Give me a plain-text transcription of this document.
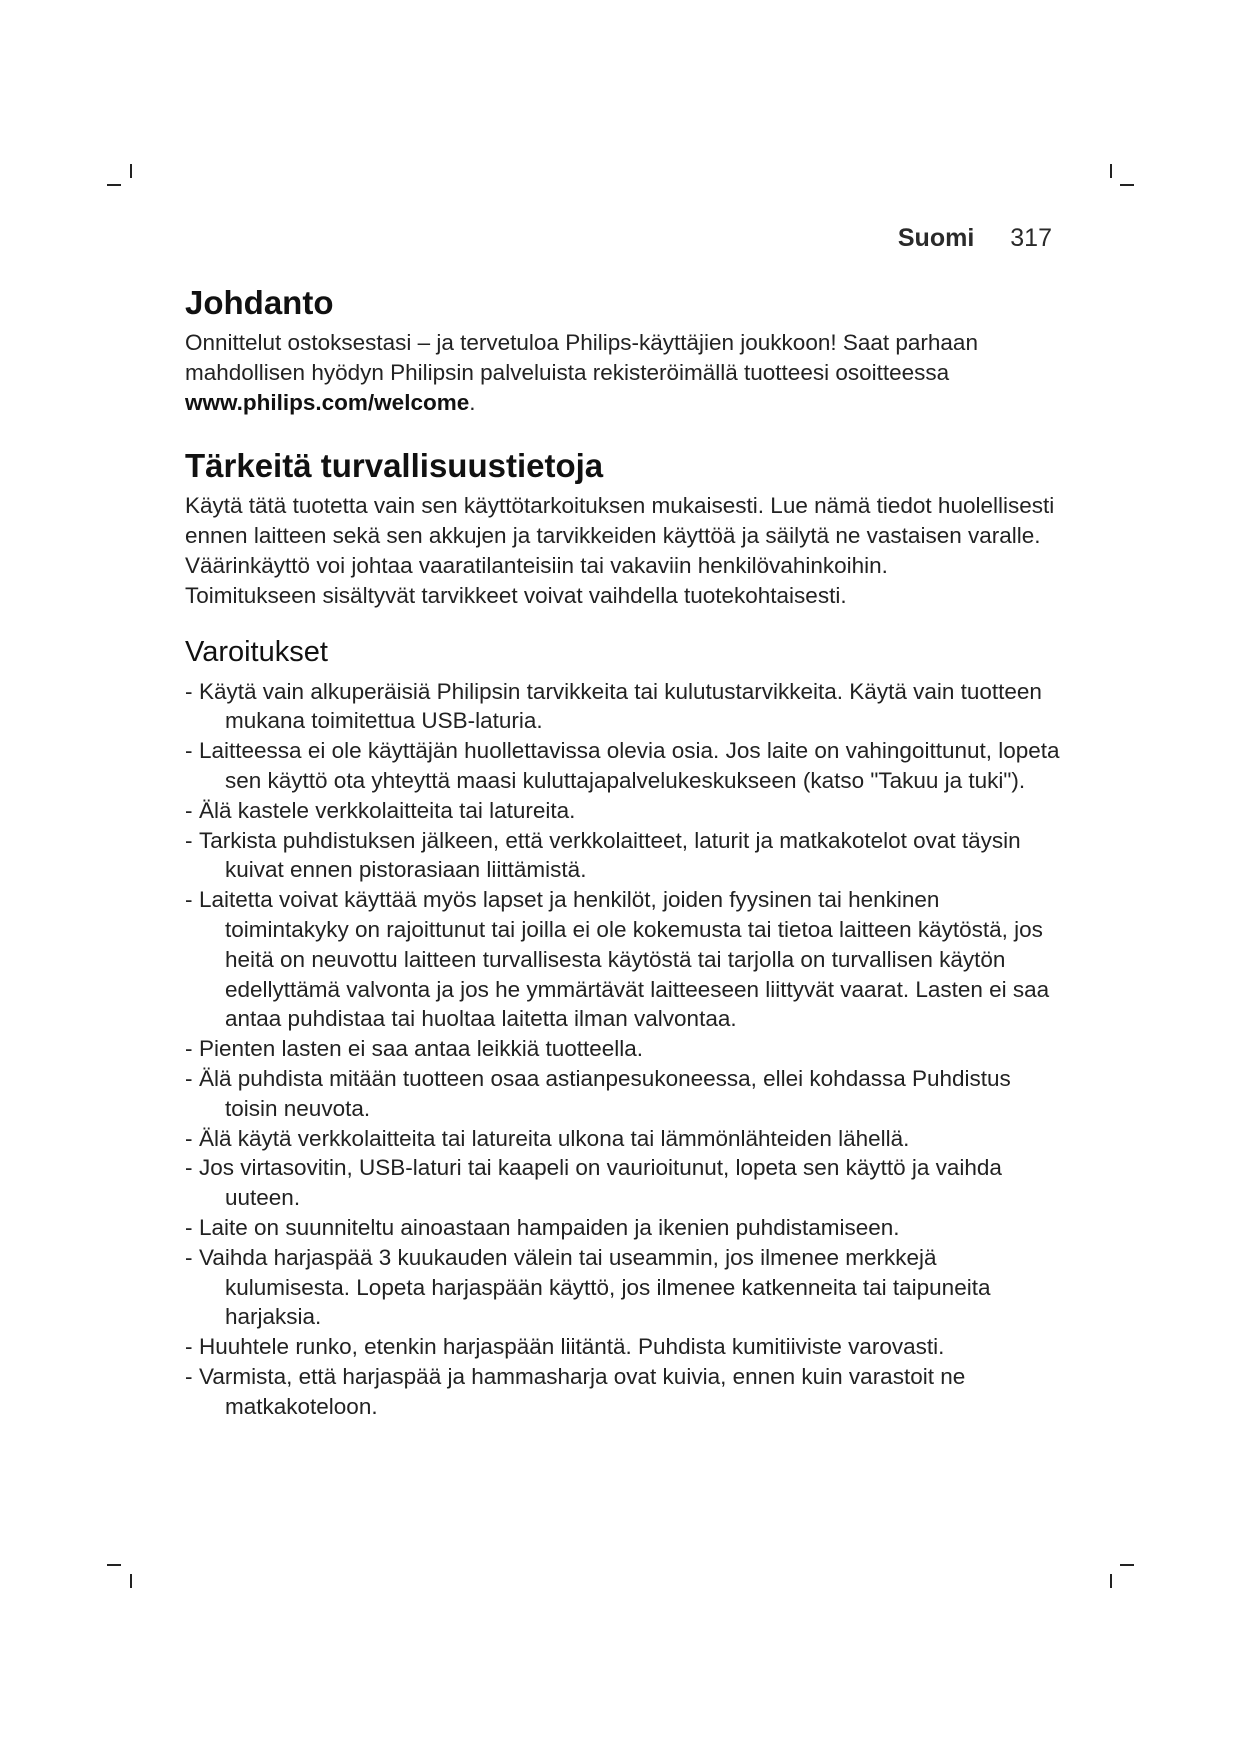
Suomi 317
Johdanto

Onnittelut ostoksestasi – ja tervetuloa Philips-käyttäjien joukkoon! Saat parhaan mahdollisen hyödyn Philipsin palveluista rekisteröimällä tuotteesi osoitteessa www.philips.com/welcome.

Tärkeitä turvallisuustietoja

Käytä tätä tuotetta vain sen käyttötarkoituksen mukaisesti. Lue nämä tiedot huolellisesti ennen laitteen sekä sen akkujen ja tarvikkeiden käyttöä ja säilytä ne vastaisen varalle. Väärinkäyttö voi johtaa vaaratilanteisiin tai vakaviin henkilövahinkoihin.

Toimitukseen sisältyvät tarvikkeet voivat vaihdella tuotekohtaisesti.

Varoitukset
- Käytä vain alkuperäisiä Philipsin tarvikkeita tai kulutustarvikkeita. Käytä vain tuotteen mukana toimitettua USB-laturia.
- Laitteessa ei ole käyttäjän huollettavissa olevia osia. Jos laite on vahingoittunut, lopeta sen käyttö ota yhteyttä maasi kuluttajapalvelukeskukseen (katso "Takuu ja tuki").
- Älä kastele verkkolaitteita tai latureita.
- Tarkista puhdistuksen jälkeen, että verkkolaitteet, laturit ja matkakotelot ovat täysin kuivat ennen pistorasiaan liittämistä.
- Laitetta voivat käyttää myös lapset ja henkilöt, joiden fyysinen tai henkinen toimintakyky on rajoittunut tai joilla ei ole kokemusta tai tietoa laitteen käytöstä, jos heitä on neuvottu laitteen turvallisesta käytöstä tai tarjolla on turvallisen käytön edellyttämä valvonta ja jos he ymmärtävät laitteeseen liittyvät vaarat. Lasten ei saa antaa puhdistaa tai huoltaa laitetta ilman valvontaa.
- Pienten lasten ei saa antaa leikkiä tuotteella.
- Älä puhdista mitään tuotteen osaa astianpesukoneessa, ellei kohdassa Puhdistus toisin neuvota.
- Älä käytä verkkolaitteita tai latureita ulkona tai lämmönlähteiden lähellä.
- Jos virtasovitin, USB-laturi tai kaapeli on vaurioitunut, lopeta sen käyttö ja vaihda uuteen.
- Laite on suunniteltu ainoastaan hampaiden ja ikenien puhdistamiseen.
- Vaihda harjaspää 3 kuukauden välein tai useammin, jos ilmenee merkkejä kulumisesta. Lopeta harjaspään käyttö, jos ilmenee katkenneita tai taipuneita harjaksia.
- Huuhtele runko, etenkin harjaspään liitäntä. Puhdista kumitiiviste varovasti.
- Varmista, että harjaspää ja hammasharja ovat kuivia, ennen kuin varastoit ne matkakoteloon.
